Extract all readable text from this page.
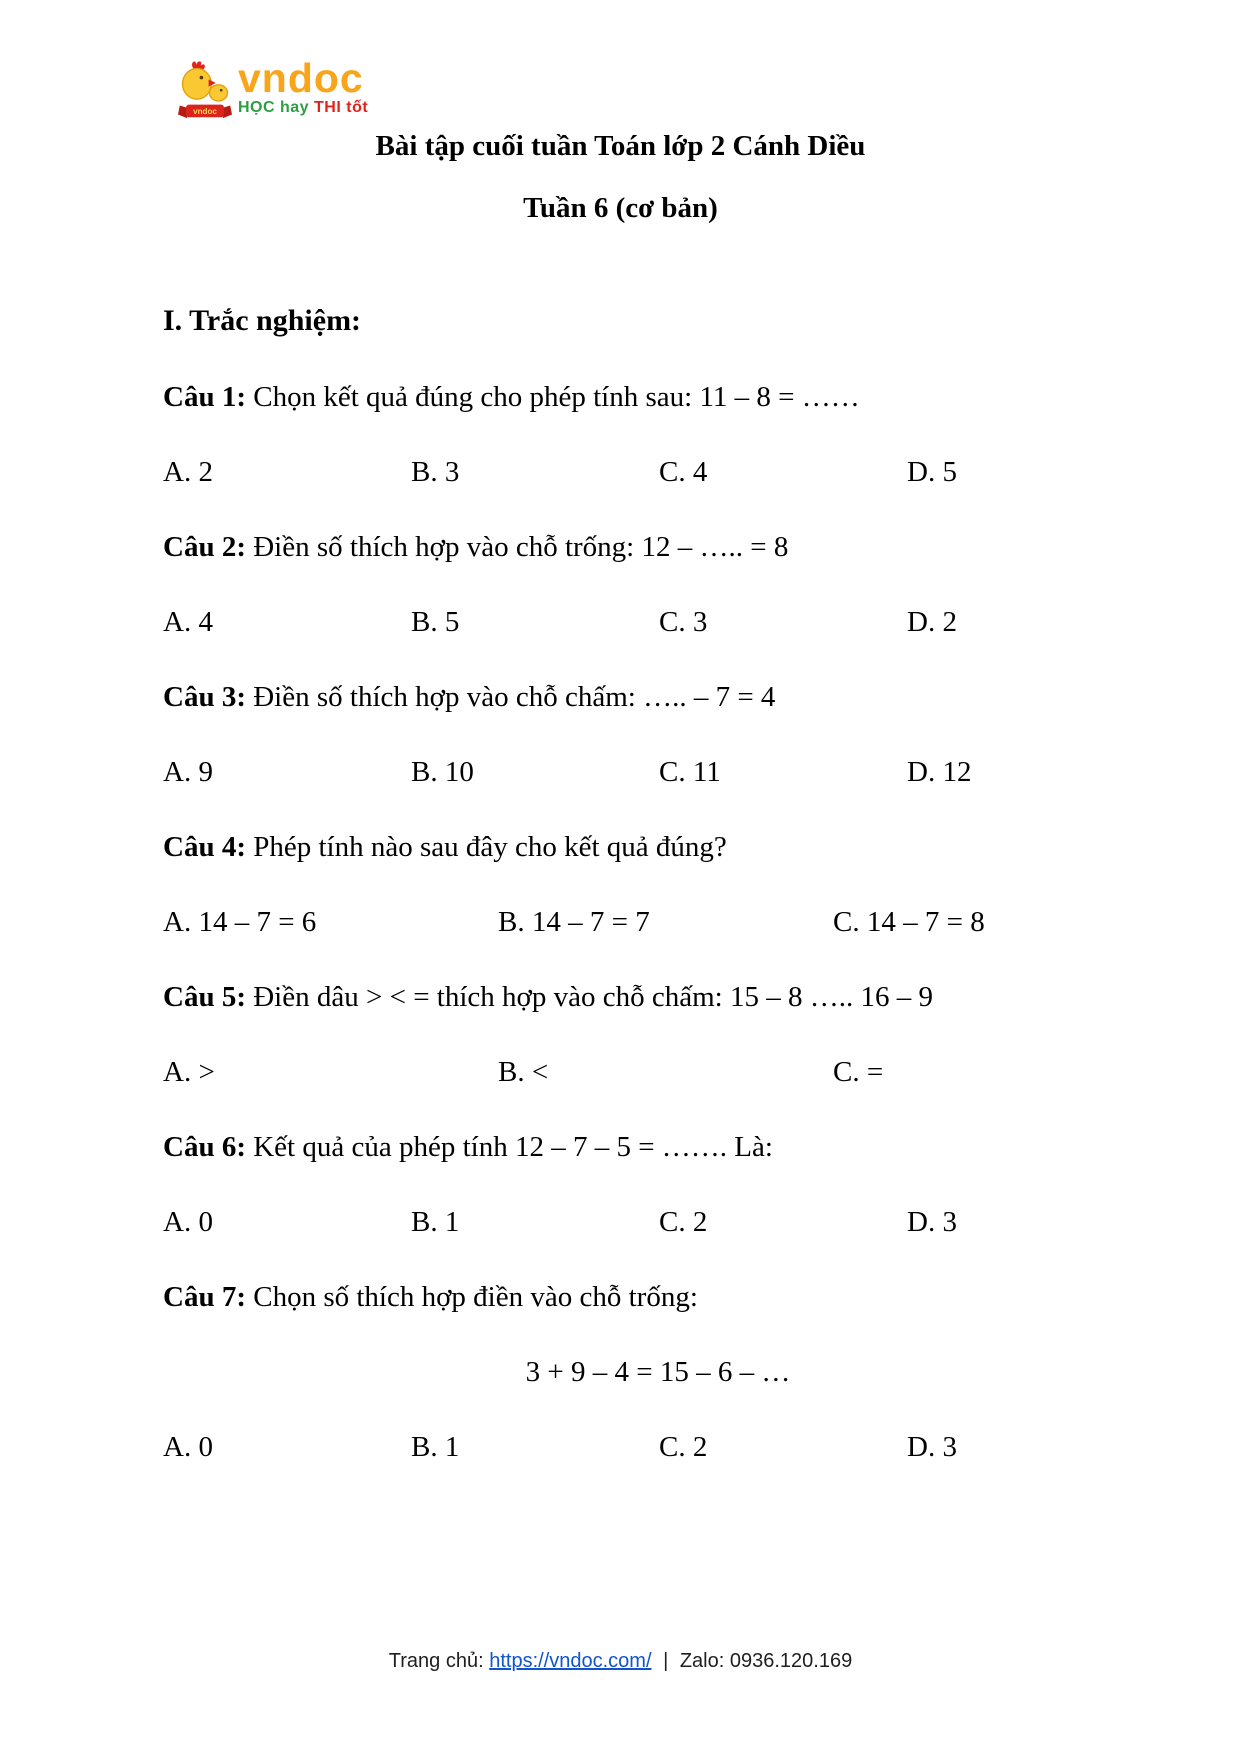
vndoc
vndoc
HỌC hay THI tốt
Bài tập cuối tuần Toán lớp 2 Cánh Diều
Tuần 6 (cơ bản)
I. Trắc nghiệm:
Câu 1: Chọn kết quả đúng cho phép tính sau: 11 – 8 = ……
A. 2	B. 3	C. 4	D. 5
Câu 2: Điền số thích hợp vào chỗ trống: 12 – ….. = 8
A. 4	B. 5	C. 3	D. 2
Câu 3: Điền số thích hợp vào chỗ chấm: ….. – 7 = 4
A. 9	B. 10	C. 11	D. 12
Câu 4: Phép tính nào sau đây cho kết quả đúng?
A. 14 – 7 = 6	B. 14 – 7 = 7	C. 14 – 7 = 8
Câu 5: Điền dâu > < = thích hợp vào chỗ chấm: 15 – 8 ….. 16 – 9
A. >	B. <	C. =
Câu 6: Kết quả của phép tính 12 – 7 – 5 = ……. Là:
A. 0	B. 1	C. 2	D. 3
Câu 7: Chọn số thích hợp điền vào chỗ trống:
3 + 9 – 4 = 15 – 6 – …
A. 0	B. 1	C. 2	D. 3
Trang chủ: https://vndoc.com/ | Zalo: 0936.120.169
